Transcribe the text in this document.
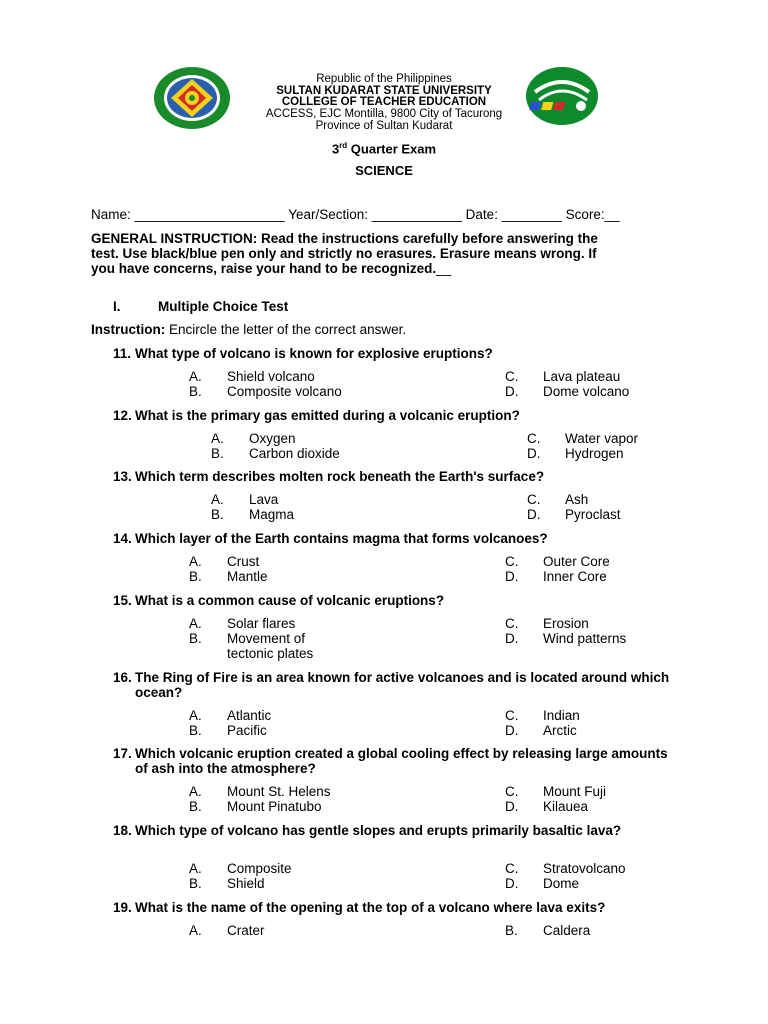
Republic of the Philippines
SULTAN KUDARAT STATE UNIVERSITY
COLLEGE OF TEACHER EDUCATION
ACCESS, EJC Montilla, 9800 City of Tacurong
Province of Sultan Kudarat
3rd Quarter Exam
SCIENCE
Name: ____________________ Year/Section: ____________ Date: ________ Score:__
GENERAL INSTRUCTION: Read the instructions carefully before answering the
test. Use black/blue pen only and strictly no erasures. Erasure means wrong. If
you have concerns, raise your hand to be recognized.__
I.	Multiple Choice Test
Instruction: Encircle the letter of the correct answer.
11. What type of volcano is known for explosive eruptions?
A. Shield volcano
B. Composite volcano
C. Lava plateau
D. Dome volcano
12. What is the primary gas emitted during a volcanic eruption?
A. Oxygen
B. Carbon dioxide
C. Water vapor
D. Hydrogen
13. Which term describes molten rock beneath the Earth's surface?
A. Lava
B. Magma
C. Ash
D. Pyroclast
14. Which layer of the Earth contains magma that forms volcanoes?
A. Crust
B. Mantle
C. Outer Core
D. Inner Core
15. What is a common cause of volcanic eruptions?
A. Solar flares
B. Movement of tectonic plates
C. Erosion
D. Wind patterns
16. The Ring of Fire is an area known for active volcanoes and is located around which ocean?
A. Atlantic
B. Pacific
C. Indian
D. Arctic
17. Which volcanic eruption created a global cooling effect by releasing large amounts of ash into the atmosphere?
A. Mount St. Helens
B. Mount Pinatubo
C. Mount Fuji
D. Kilauea
18. Which type of volcano has gentle slopes and erupts primarily basaltic lava?
A. Composite
B. Shield
C. Stratovolcano
D. Dome
19. What is the name of the opening at the top of a volcano where lava exits?
A. Crater	B. Caldera
